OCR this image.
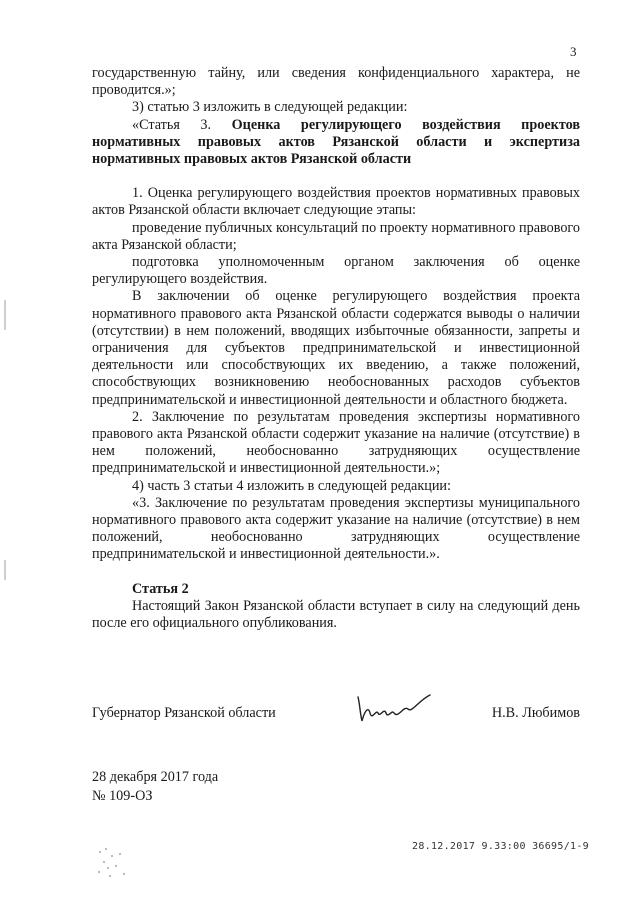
3

государственную тайну, или сведения конфиденциального характера, не проводится.»;

3) статью 3 изложить в следующей редакции:

«Статья 3. Оценка регулирующего воздействия проектов нормативных правовых актов Рязанской области и экспертиза нормативных правовых актов Рязанской области

1. Оценка регулирующего воздействия проектов нормативных правовых актов Рязанской области включает следующие этапы:

проведение публичных консультаций по проекту нормативного правового акта Рязанской области;

подготовка уполномоченным органом заключения об оценке регулирующего воздействия.

В заключении об оценке регулирующего воздействия проекта нормативного правового акта Рязанской области содержатся выводы о наличии (отсутствии) в нем положений, вводящих избыточные обязанности, запреты и ограничения для субъектов предпринимательской и инвестиционной деятельности или способствующих их введению, а также положений, способствующих возникновению необоснованных расходов субъектов предпринимательской и инвестиционной деятельности и областного бюджета.

2. Заключение по результатам проведения экспертизы нормативного правового акта Рязанской области содержит указание на наличие (отсутствие) в нем положений, необоснованно затрудняющих осуществление предпринимательской и инвестиционной деятельности.»;

4) часть 3 статьи 4 изложить в следующей редакции:

«3. Заключение по результатам проведения экспертизы муниципального нормативного правового акта содержит указание на наличие (отсутствие) в нем положений, необоснованно затрудняющих осуществление предпринимательской и инвестиционной деятельности.».

Статья 2

Настоящий Закон Рязанской области вступает в силу на следующий день после его официального опубликования.

Губернатор Рязанской области	Н.В. Любимов
28 декабря 2017 года
№ 109-ОЗ
28.12.2017 9.33:00 36695/1-9
